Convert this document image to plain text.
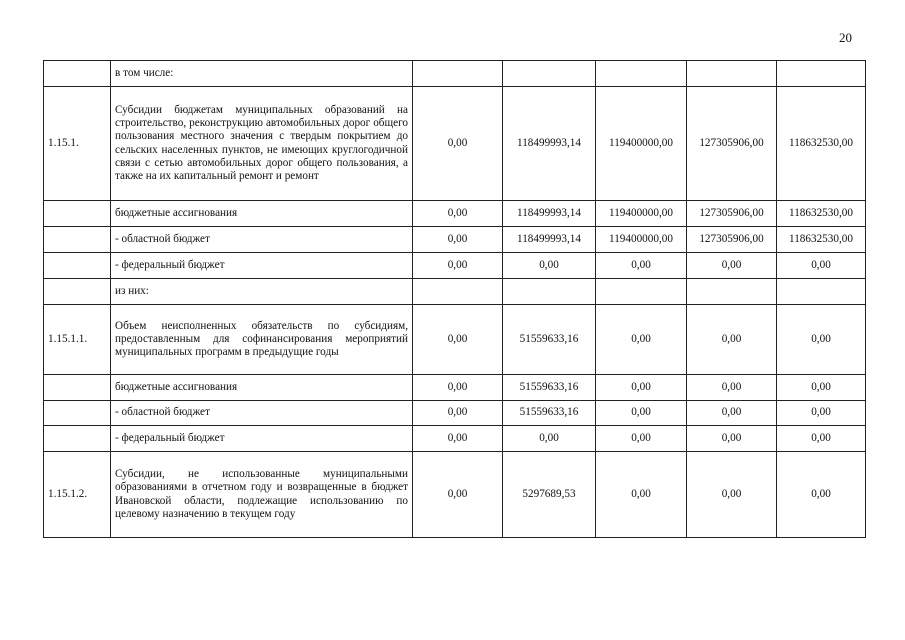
20
	в том числе:					
1.15.1.	Субсидии бюджетам муниципальных образований на строительство, реконструкцию автомобильных дорог общего пользования местного значения с твердым покрытием до сельских населенных пунктов, не имеющих круглогодичной связи с сетью автомобильных дорог общего пользования, а также на их капитальный ремонт и ремонт	0,00	118499993,14	119400000,00	127305906,00	118632530,00
	бюджетные ассигнования	0,00	118499993,14	119400000,00	127305906,00	118632530,00
	- областной бюджет	0,00	118499993,14	119400000,00	127305906,00	118632530,00
	- федеральный бюджет	0,00	0,00	0,00	0,00	0,00
	из них:					
1.15.1.1.	Объем неисполненных обязательств по субсидиям, предоставленным для софинансирования мероприятий муниципальных программ в предыдущие годы	0,00	51559633,16	0,00	0,00	0,00
	бюджетные ассигнования	0,00	51559633,16	0,00	0,00	0,00
	- областной бюджет	0,00	51559633,16	0,00	0,00	0,00
	- федеральный бюджет	0,00	0,00	0,00	0,00	0,00
1.15.1.2.	Субсидии, не использованные муниципальными образованиями в отчетном году и возвращенные в бюджет Ивановской области, подлежащие использованию по целевому назначению в текущем году	0,00	5297689,53	0,00	0,00	0,00
